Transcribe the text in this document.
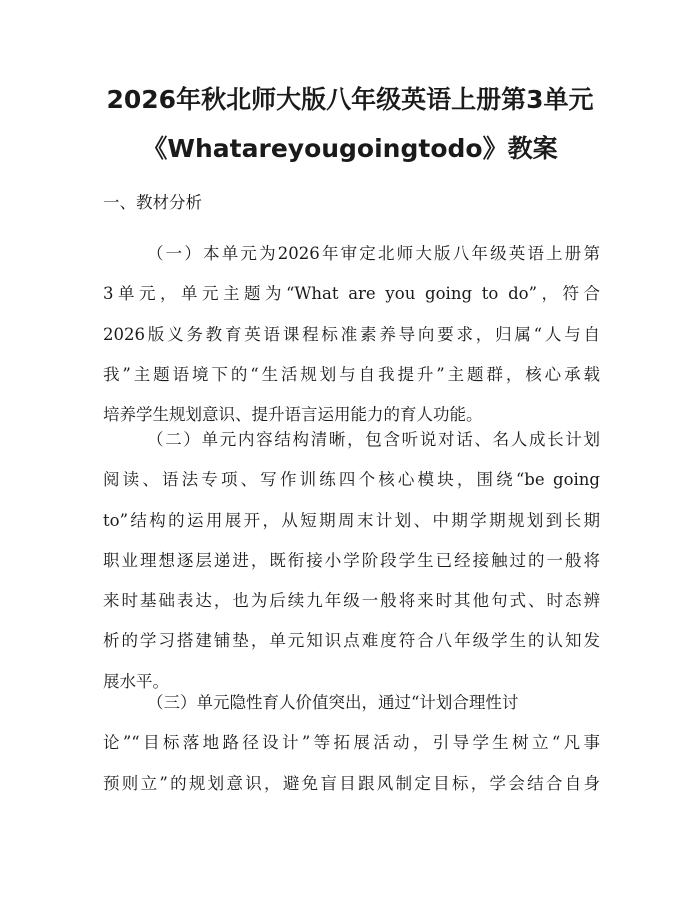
2026年秋北师大版八年级英语上册第3单元
《Whatareyougoingtodo》教案

一、教材分析

（一）本单元为2026年审定北师大版八年级英语上册第
3单元，单元主题为“What are you going to do”，符合
2026版义务教育英语课程标准素养导向要求，归属“人与自
我”主题语境下的“生活规划与自我提升”主题群，核心承载
培养学生规划意识、提升语言运用能力的育人功能。
（二）单元内容结构清晰，包含听说对话、名人成长计划
阅读、语法专项、写作训练四个核心模块，围绕“be going
to”结构的运用展开，从短期周末计划、中期学期规划到长期
职业理想逐层递进，既衔接小学阶段学生已经接触过的一般将
来时基础表达，也为后续九年级一般将来时其他句式、时态辨
析的学习搭建铺垫，单元知识点难度符合八年级学生的认知发
展水平。
（三）单元隐性育人价值突出，通过“计划合理性讨
论”“目标落地路径设计”等拓展活动，引导学生树立“凡事
预则立”的规划意识，避免盲目跟风制定目标，学会结合自身
